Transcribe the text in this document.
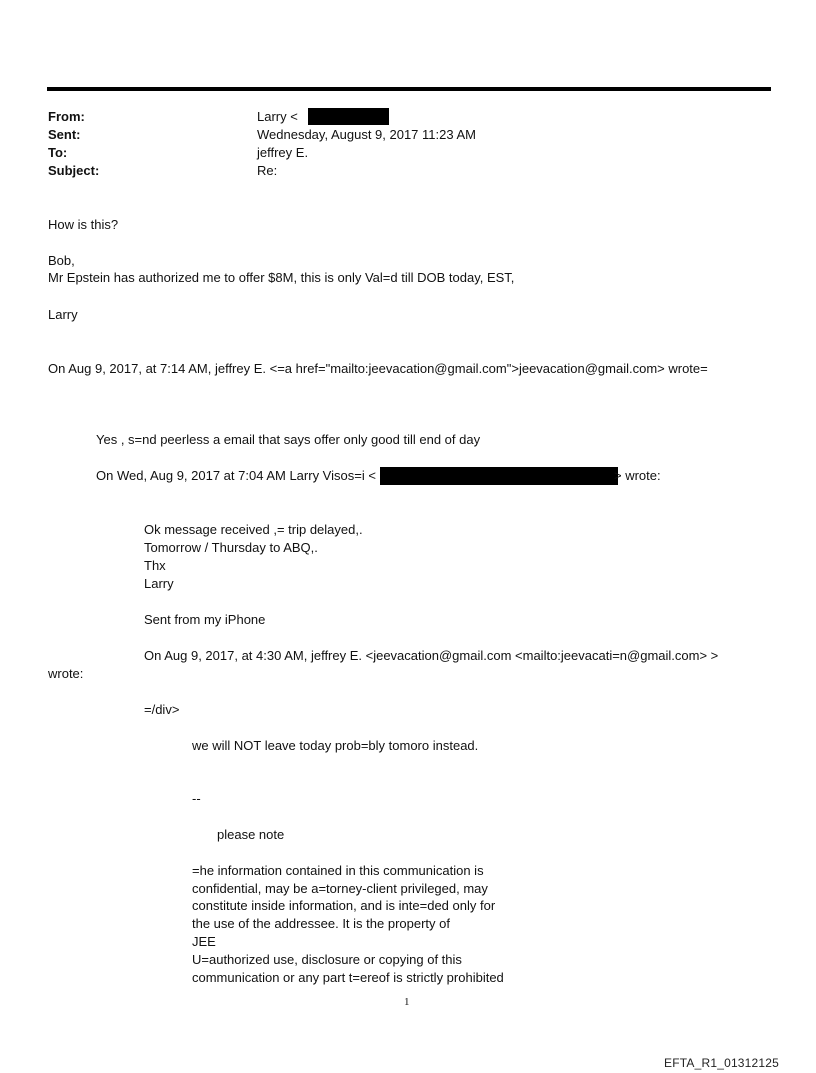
From:	Larry <
Sent:	Wednesday, August 9, 2017 11:23 AM
To:	jeffrey E.
Subject:	Re:
How is this?
Bob,
Mr Epstein has authorized me to offer $8M, this is only Val=d till DOB today, EST,
Larry
On Aug 9, 2017, at 7:14 AM, jeffrey E. <=a href="mailto:jeevacation@gmail.com">jeevacation@gmail.com> wrote=
Yes , s=nd peerless a email that says offer only good till end of day
On Wed, Aug 9, 2017 at 7:04 AM Larry Visos=i <	> wrote:
Ok message received ,= trip delayed,.
Tomorrow / Thursday to ABQ,.
Thx
Larry
Sent from my iPhone
On Aug 9, 2017, at 4:30 AM, jeffrey E. <jeevacation@gmail.com <mailto:jeevacati=n@gmail.com> >
wrote:
=/div>
we will NOT leave today prob=bly tomoro instead.
--
please note
=he information contained in this communication is
confidential, may be a=torney-client privileged, may
constitute inside information, and is inte=ded only for
the use of the addressee. It is the property of
JEE
U=authorized use, disclosure or copying of this
communication or any part t=ereof is strictly prohibited
1
EFTA_R1_01312125
